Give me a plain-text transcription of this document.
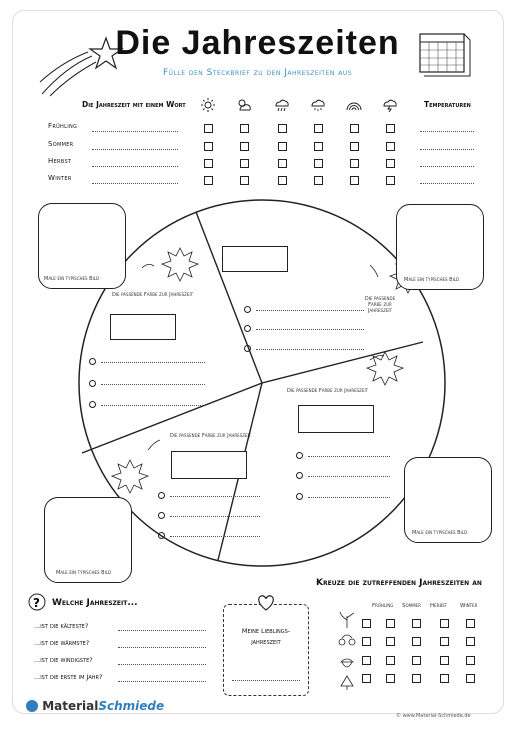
Die Jahreszeiten
Fülle den Steckbrief zu den Jahreszeiten aus
Die Jahreszeit mit einem Wort	Temperaturen
Frühling
Sommer
Herbst
Winter
Die passende Farbe zur Jahreszeit
Die passende
Farbe zur
Jahreszeit
Die passende Farbe zur Jahreszeit
Die passende Farbe zur Jahreszeit
Male ein typisches Bild	Male ein typisches Bild
Male ein typisches Bild
Male ein typisches Bild
? Welche Jahreszeit...
...ist die kälteste?
...ist die wärmste?
...ist die windigste?
...ist die erste im Jahr?
Meine Lieblings-
jahreszeit
Kreuze die zutreffenden Jahreszeiten an
Frühling Sommer Herbst Winter
MaterialSchmiede
© www.Material-Schmiede.de
